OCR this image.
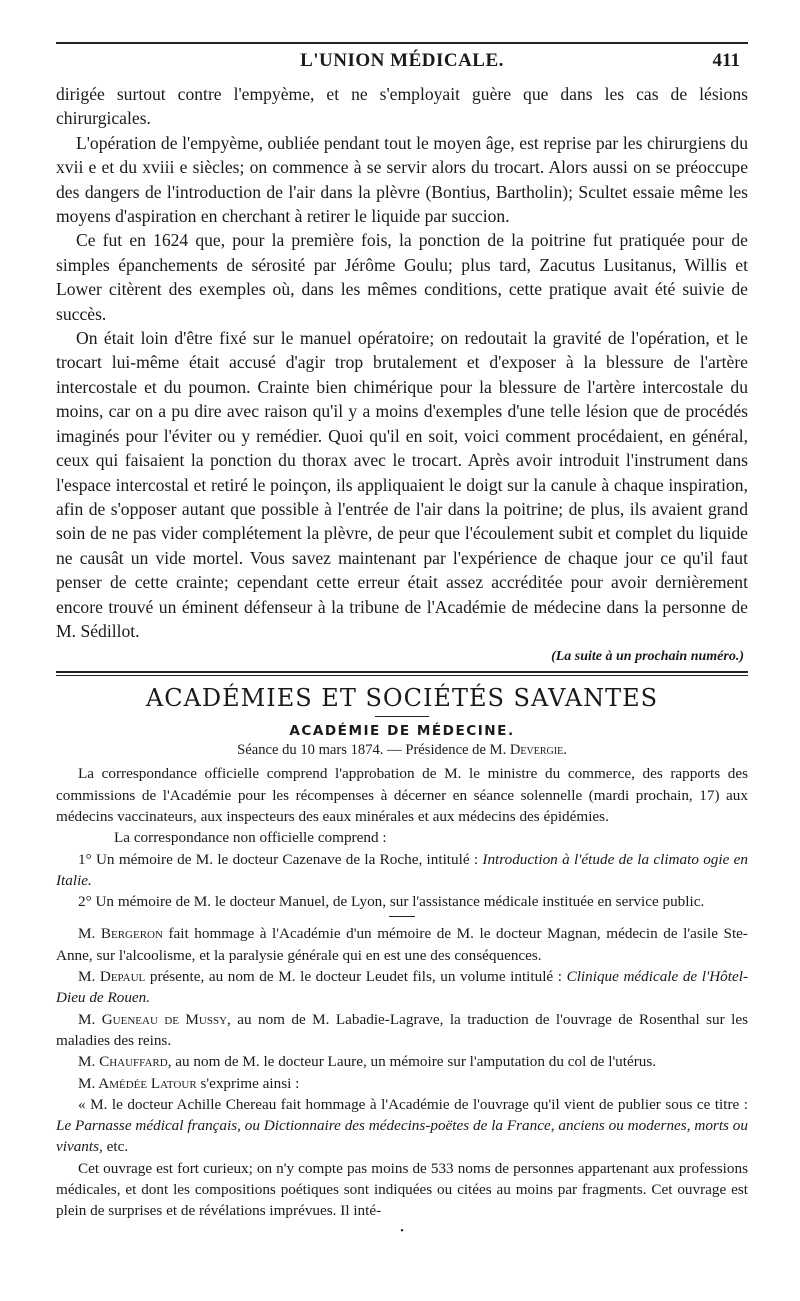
L'UNION MÉDICALE.	411

dirigée surtout contre l'empyème, et ne s'employait guère que dans les cas de lésions chirurgicales.

L'opération de l'empyème, oubliée pendant tout le moyen âge, est reprise par les chirurgiens du xvii e et du xviii e siècles; on commence à se servir alors du trocart. Alors aussi on se préoccupe des dangers de l'introduction de l'air dans la plèvre (Bontius, Bartholin); Scultet essaie même les moyens d'aspiration en cherchant à retirer le liquide par succion.

Ce fut en 1624 que, pour la première fois, la ponction de la poitrine fut pratiquée pour de simples épanchements de sérosité par Jérôme Goulu; plus tard, Zacutus Lusitanus, Willis et Lower citèrent des exemples où, dans les mêmes conditions, cette pratique avait été suivie de succès.

On était loin d'être fixé sur le manuel opératoire; on redoutait la gravité de l'opération, et le trocart lui-même était accusé d'agir trop brutalement et d'exposer à la blessure de l'artère intercostale et du poumon. Crainte bien chimérique pour la blessure de l'artère intercostale du moins, car on a pu dire avec raison qu'il y a moins d'exemples d'une telle lésion que de procédés imaginés pour l'éviter ou y remédier. Quoi qu'il en soit, voici comment procédaient, en général, ceux qui faisaient la ponction du thorax avec le trocart. Après avoir introduit l'instrument dans l'espace intercostal et retiré le poinçon, ils appliquaient le doigt sur la canule à chaque inspiration, afin de s'opposer autant que possible à l'entrée de l'air dans la poitrine; de plus, ils avaient grand soin de ne pas vider complétement la plèvre, de peur que l'écoulement subit et complet du liquide ne causât un vide mortel. Vous savez maintenant par l'expérience de chaque jour ce qu'il faut penser de cette crainte; cependant cette erreur était assez accréditée pour avoir dernièrement encore trouvé un éminent défenseur à la tribune de l'Académie de médecine dans la personne de M. Sédillot.

(La suite à un prochain numéro.)
ACADÉMIES ET SOCIÉTÉS SAVANTES
ACADÉMIE DE MÉDECINE.
Séance du 10 mars 1874. — Présidence de M. Devergie.

La correspondance officielle comprend l'approbation de M. le ministre du commerce, des rapports des commissions de l'Académie pour les récompenses à décerner en séance solennelle (mardi prochain, 17) aux médecins vaccinateurs, aux inspecteurs des eaux minérales et aux médecins des épidémies.

La correspondance non officielle comprend :

1° Un mémoire de M. le docteur Cazenave de la Roche, intitulé : Introduction à l'étude de la climato ogie en Italie.

2° Un mémoire de M. le docteur Manuel, de Lyon, sur l'assistance médicale instituée en service public.

M. Bergeron fait hommage à l'Académie d'un mémoire de M. le docteur Magnan, médecin de l'asile Ste-Anne, sur l'alcoolisme, et la paralysie générale qui en est une des conséquences.

M. Depaul présente, au nom de M. le docteur Leudet fils, un volume intitulé : Clinique médicale de l'Hôtel-Dieu de Rouen.

M. Gueneau de Mussy, au nom de M. Labadie-Lagrave, la traduction de l'ouvrage de Rosenthal sur les maladies des reins.

M. Chauffard, au nom de M. le docteur Laure, un mémoire sur l'amputation du col de l'utérus.

M. Amédée Latour s'exprime ainsi :

« M. le docteur Achille Chereau fait hommage à l'Académie de l'ouvrage qu'il vient de publier sous ce titre : Le Parnasse médical français, ou Dictionnaire des médecins-poëtes de la France, anciens ou modernes, morts ou vivants, etc.

Cet ouvrage est fort curieux; on n'y compte pas moins de 533 noms de personnes appartenant aux professions médicales, et dont les compositions poétiques sont indiquées ou citées au moins par fragments. Cet ouvrage est plein de surprises et de révélations imprévues. Il inté-

•
